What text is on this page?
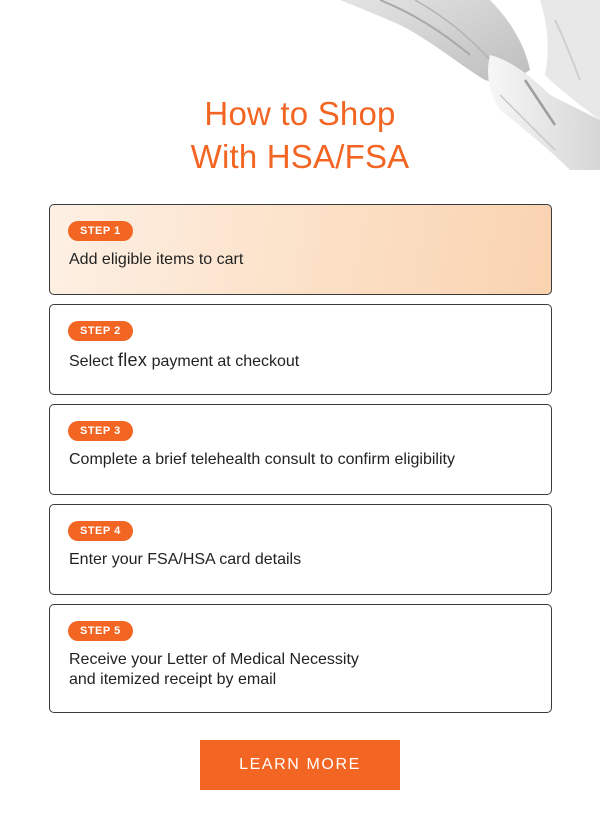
How to Shop
With HSA/FSA
STEP 1
Add eligible items to cart
STEP 2
Select flex payment at checkout
STEP 3
Complete a brief telehealth consult to confirm eligibility
STEP 4
Enter your FSA/HSA card details
STEP 5
Receive your Letter of Medical Necessity
and itemized receipt by email
LEARN MORE
